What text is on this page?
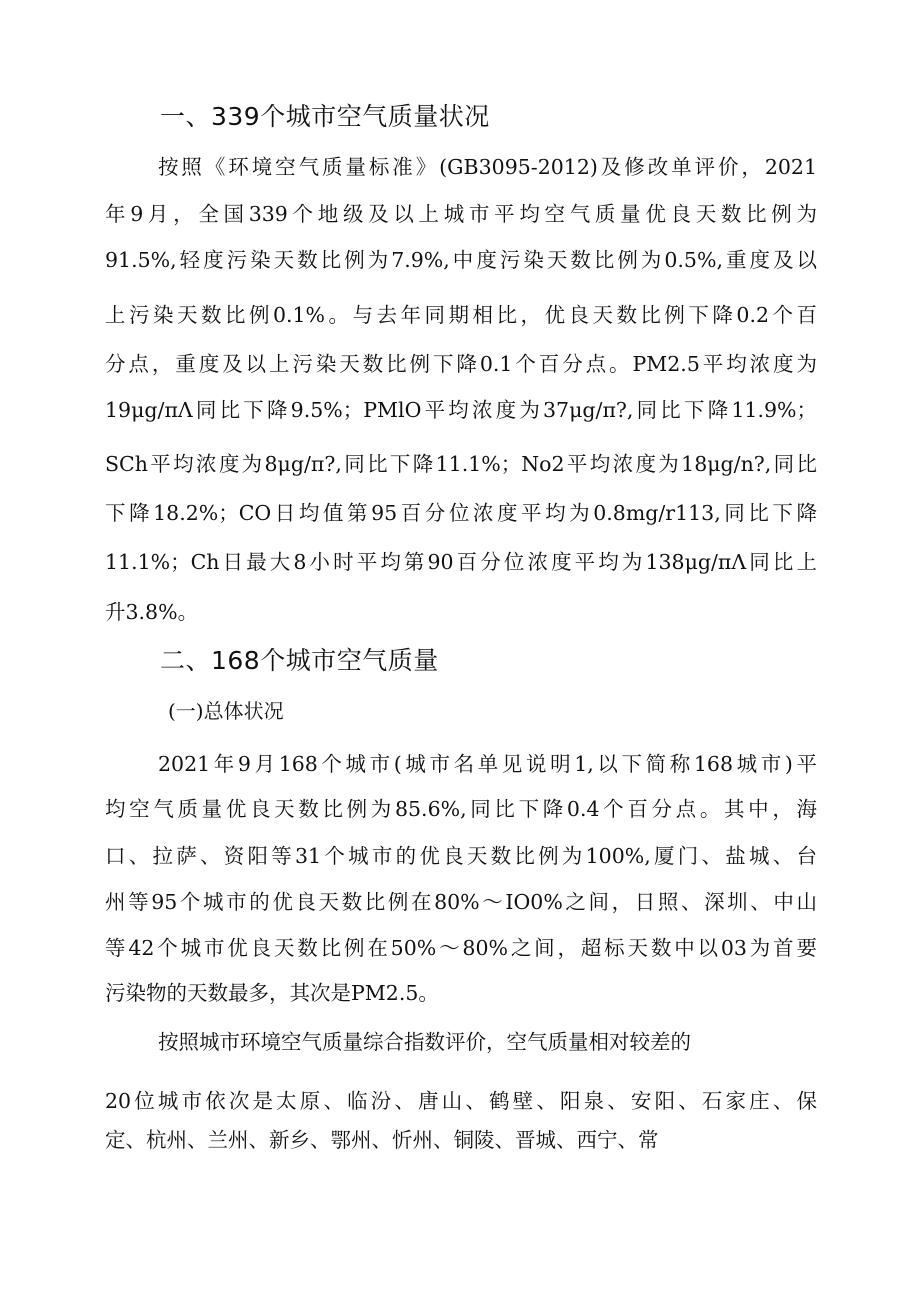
一、339个城市空气质量状况
按照《环境空气质量标准》(GB3095-2012)及修改单评价，2021
年9月，全国339个地级及以上城市平均空气质量优良天数比例为
91.5%,轻度污染天数比例为7.9%,中度污染天数比例为0.5%,重度及以
上污染天数比例0.1%。与去年同期相比，优良天数比例下降0.2个百
分点，重度及以上污染天数比例下降0.1个百分点。PM2.5平均浓度为
19μg/πΛ同比下降9.5%；PMlO平均浓度为37μg/π?,同比下降11.9%；
SCh平均浓度为8μg/π?,同比下降11.1%；No2平均浓度为18μg/n?,同比
下降18.2%；CO日均值第95百分位浓度平均为0.8mg/r113,同比下降
11.1%；Ch日最大8小时平均第90百分位浓度平均为138μg/πΛ同比上
升3.8%。
二、168个城市空气质量
(一)总体状况
2021年9月168个城市(城市名单见说明1,以下简称168城市)平
均空气质量优良天数比例为85.6%,同比下降0.4个百分点。其中，海
口、拉萨、资阳等31个城市的优良天数比例为100%,厦门、盐城、台
州等95个城市的优良天数比例在80%～IO0%之间，日照、深圳、中山
等42个城市优良天数比例在50%～80%之间，超标天数中以03为首要
污染物的天数最多，其次是PM2.5。
按照城市环境空气质量综合指数评价，空气质量相对较差的
20位城市依次是太原、临汾、唐山、鹤壁、阳泉、安阳、石家庄、保
定、杭州、兰州、新乡、鄂州、忻州、铜陵、晋城、西宁、常
